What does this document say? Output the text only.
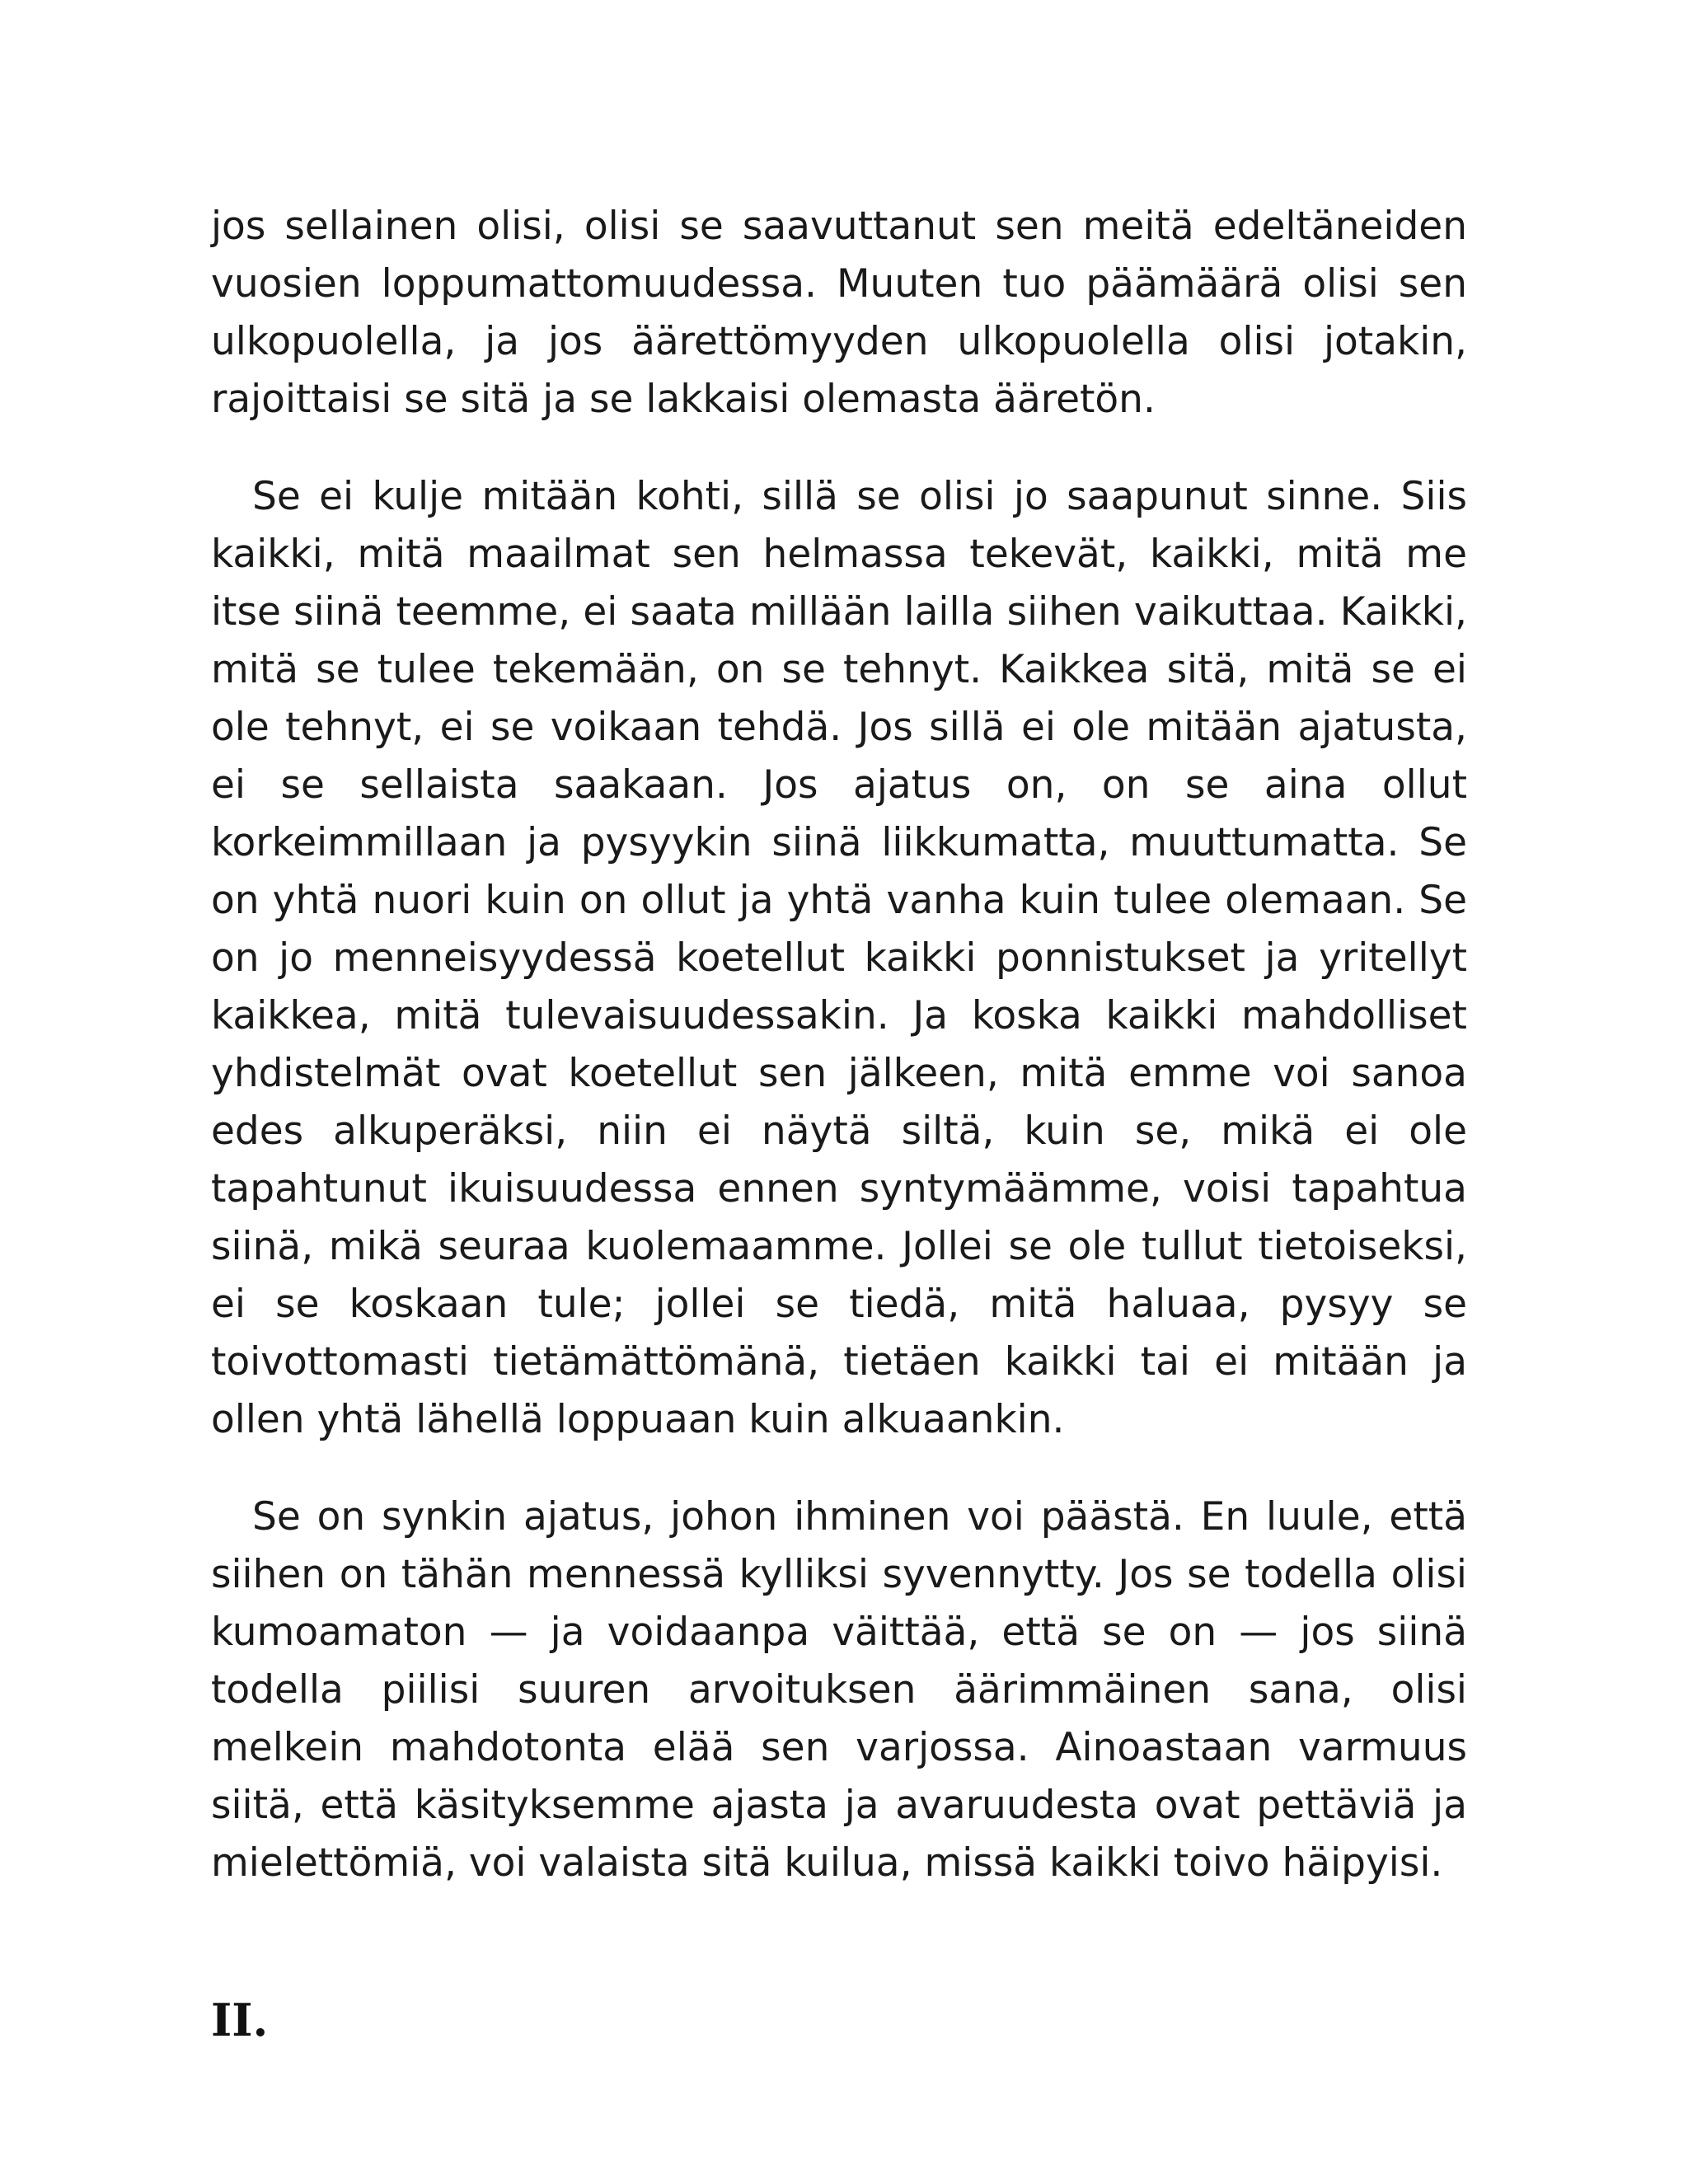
jos sellainen olisi, olisi se saavuttanut sen meitä edeltäneiden vuosien loppumattomuudessa. Muuten tuo päämäärä olisi sen ulkopuolella, ja jos äärettömyyden ulkopuolella olisi jotakin, rajoittaisi se sitä ja se lakkaisi olemasta ääretön.

Se ei kulje mitään kohti, sillä se olisi jo saapunut sinne. Siis kaikki, mitä maailmat sen helmassa tekevät, kaikki, mitä me itse siinä teemme, ei saata millään lailla siihen vaikuttaa. Kaikki, mitä se tulee tekemään, on se tehnyt. Kaikkea sitä, mitä se ei ole tehnyt, ei se voikaan tehdä. Jos sillä ei ole mitään ajatusta, ei se sellaista saakaan. Jos ajatus on, on se aina ollut korkeimmillaan ja pysyykin siinä liikkumatta, muuttumatta. Se on yhtä nuori kuin on ollut ja yhtä vanha kuin tulee olemaan. Se on jo menneisyydessä koetellut kaikki ponnistukset ja yritellyt kaikkea, mitä tulevaisuudessakin. Ja koska kaikki mahdolliset yhdistelmät ovat koetellut sen jälkeen, mitä emme voi sanoa edes alkuperäksi, niin ei näytä siltä, kuin se, mikä ei ole tapahtunut ikuisuudessa ennen syntymäämme, voisi tapahtua siinä, mikä seuraa kuolemaamme. Jollei se ole tullut tietoiseksi, ei se koskaan tule; jollei se tiedä, mitä haluaa, pysyy se toivottomasti tietämättömänä, tietäen kaikki tai ei mitään ja ollen yhtä lähellä loppuaan kuin alkuaankin.

Se on synkin ajatus, johon ihminen voi päästä. En luule, että siihen on tähän mennessä kylliksi syvennytty. Jos se todella olisi kumoamaton — ja voidaanpa väittää, että se on — jos siinä todella piilisi suuren arvoituksen äärimmäinen sana, olisi melkein mahdotonta elää sen varjossa. Ainoastaan varmuus siitä, että käsityksemme ajasta ja avaruudesta ovat pettäviä ja mielettömiä, voi valaista sitä kuilua, missä kaikki toivo häipyisi.

II.
